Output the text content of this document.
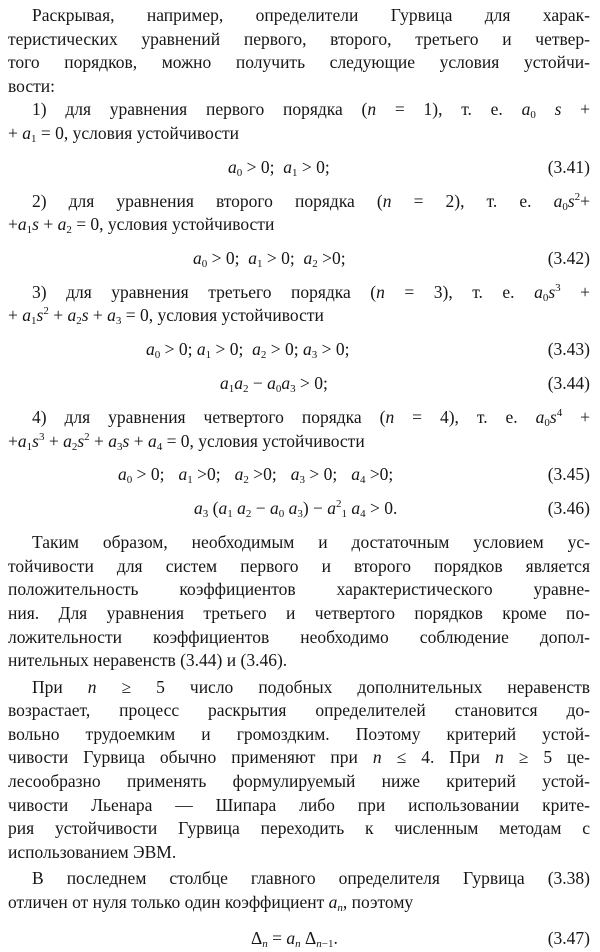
Раскрывая, например, определители Гурвица для харак-

теристических уравнений первого, второго, третьего и четвер-

того порядков, можно получить следующие условия устойчи-

вости:

1) для уравнения первого порядка (n = 1), т. е. $a_0$ s +

+ $a_1 = 0$, условия устойчивости

$a_0 > 0$;  $a_1 > 0$;	(3.41)

2) для уравнения второго порядка (n = 2), т. е. $a_0s^2+$

$+a_1s + a_2 = 0$, условия устойчивости

$a_0 > 0$;  $a_1 > 0$;  $a_2 >0$;	(3.42)

3) для уравнения третьего порядка (n = 3), т. е. $a_0s^3$ +

+ $a_1s^2 + a_2s + a_3 = 0$, условия устойчивости

$a_0 > 0$; $a_1 > 0$;  $a_2 > 0$; $a_3 > 0$;	(3.43)
$a_1a_2 - a_0a_3 > 0$;	(3.44)

4) для уравнения четвертого порядка (n = 4), т. е. $a_0s^4$ +

$+a_1s^3 + a_2s^2 + a_3s + a_4 = 0$, условия устойчивости

$a_0 > 0$; $a_1 >0$; $a_2 >0$; $a_3 > 0$; $a_4 >0$;	(3.45)
$a_3$ ($a_1$ $a_2 - a_0$ $a_3) - a^2_1$ $a_4 > 0$.	(3.46)

Таким образом, необходимым и достаточным условием ус-

тойчивости для систем первого и второго порядков является

положительность коэффициентов характеристического уравне-

ния. Для уравнения третьего и четвертого порядков кроме по-

ложительности коэффициентов необходимо соблюдение допол-

нительных неравенств (3.44) и (3.46).

При n ≥ 5 число подобных дополнительных неравенств

возрастает, процесс раскрытия определителей становится до-

вольно трудоемким и громоздким. Поэтому критерий устой-

чивости Гурвица обычно применяют при n ≤ 4. При n ≥ 5 це-

лесообразно применять формулируемый ниже критерий устой-

чивости Льенара — Шипара либо при использовании крите-

рия устойчивости Гурвица переходить к численным методам с

использованием ЭВМ.

В последнем столбце главного определителя Гурвица (3.38)

отличен от нуля только один коэффициент $a_n$, поэтому

$\Delta_n = a_n$ $\Delta_{n-1}$.	(3.47)
